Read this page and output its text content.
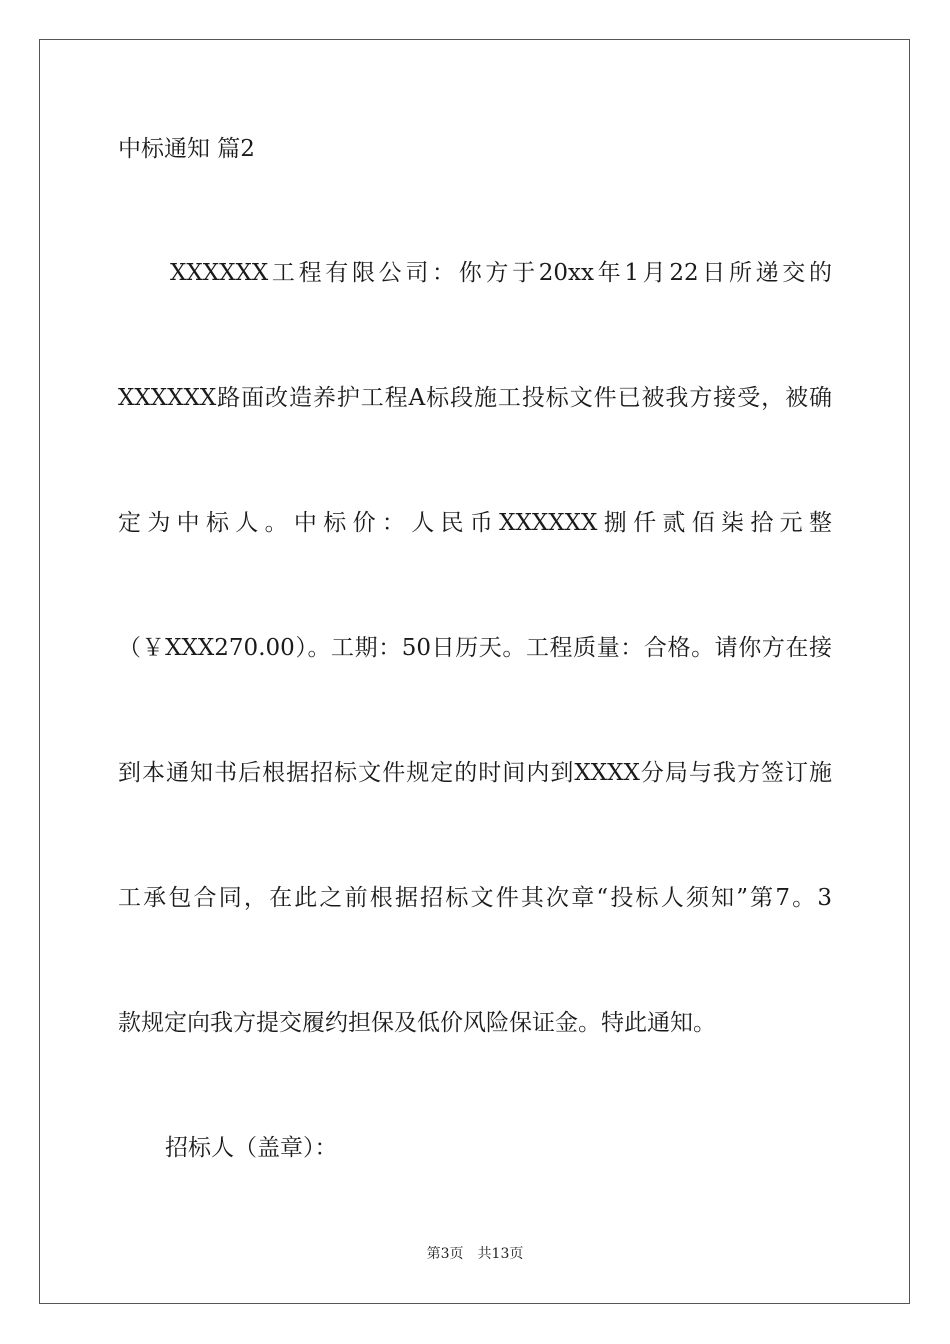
中标通知 篇2
XXXXXX工程有限公司：你方于20xx年1月22日所递交的
XXXXXX路面改造养护工程A标段施工投标文件已被我方接受，被确
定为中标人。中标价：人民币XXXXXX捌仟贰佰柒拾元整
（￥XXX270.00）。工期：50日历天。工程质量：合格。请你方在接
到本通知书后根据招标文件规定的时间内到XXXX分局与我方签订施
工承包合同，在此之前根据招标文件其次章“投标人须知”第7。3
款规定向我方提交履约担保及低价风险保证金。特此通知。
招标人（盖章）：
第3页　共13页
